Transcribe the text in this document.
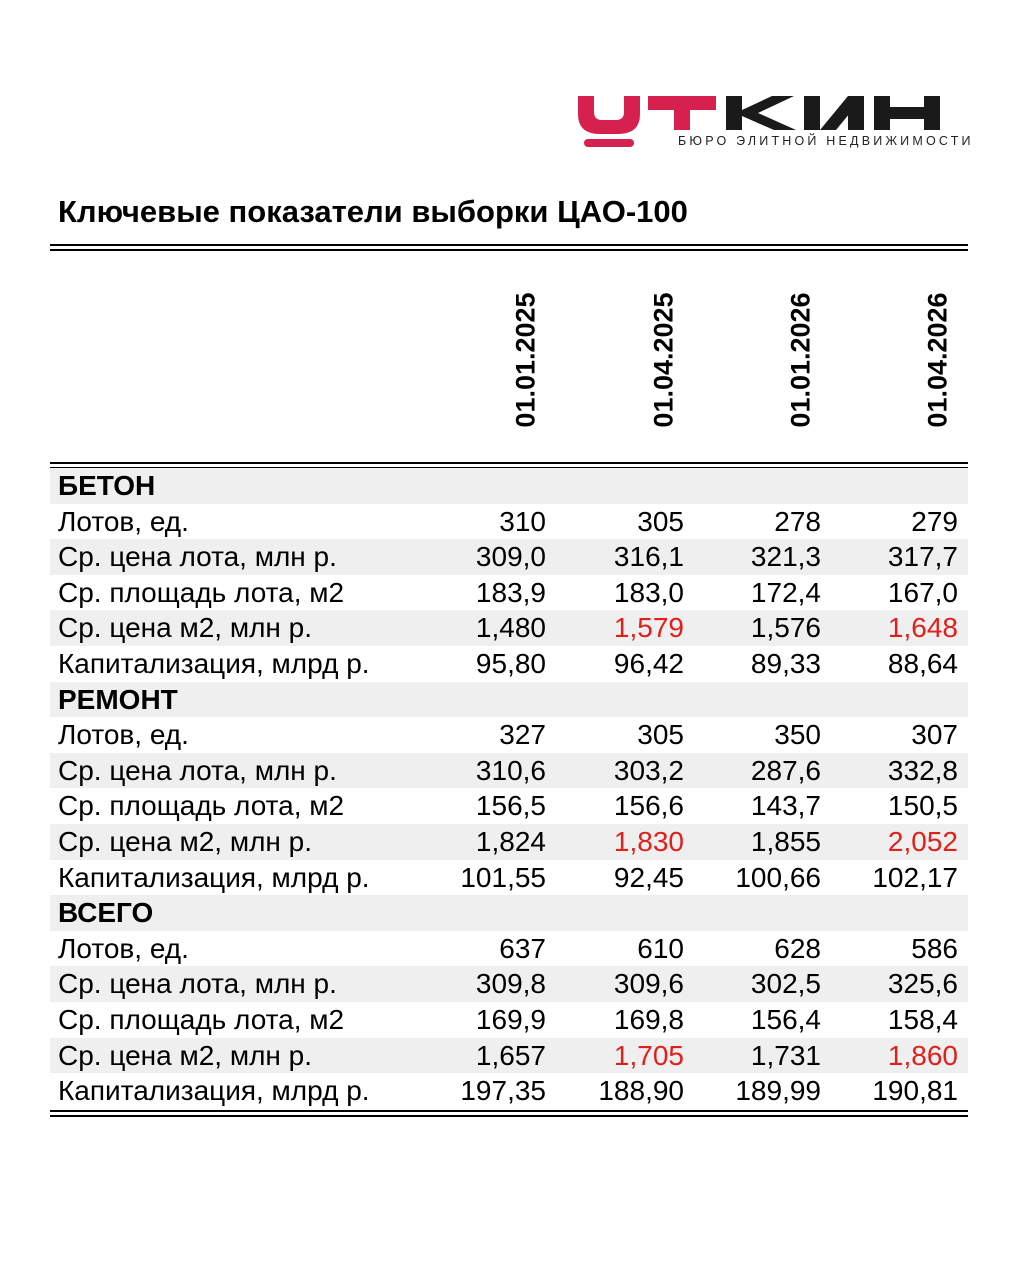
БЮРО ЭЛИТНОЙ НЕДВИЖИМОСТИ
Ключевые показатели выборки ЦАО-100
01.01.2025	01.04.2025	01.01.2026	01.04.2026
БЕТОН
Лотов, ед.	310	305	278	279
Ср. цена лота, млн р.	309,0	316,1	321,3	317,7
Ср. площадь лота, м2	183,9	183,0	172,4	167,0
Ср. цена м2, млн р.	1,480	1,579	1,576	1,648
Капитализация, млрд р.	95,80	96,42	89,33	88,64
РЕМОНТ
Лотов, ед.	327	305	350	307
Ср. цена лота, млн р.	310,6	303,2	287,6	332,8
Ср. площадь лота, м2	156,5	156,6	143,7	150,5
Ср. цена м2, млн р.	1,824	1,830	1,855	2,052
Капитализация, млрд р.	101,55	92,45	100,66	102,17
ВСЕГО
Лотов, ед.	637	610	628	586
Ср. цена лота, млн р.	309,8	309,6	302,5	325,6
Ср. площадь лота, м2	169,9	169,8	156,4	158,4
Ср. цена м2, млн р.	1,657	1,705	1,731	1,860
Капитализация, млрд р.	197,35	188,90	189,99	190,81
